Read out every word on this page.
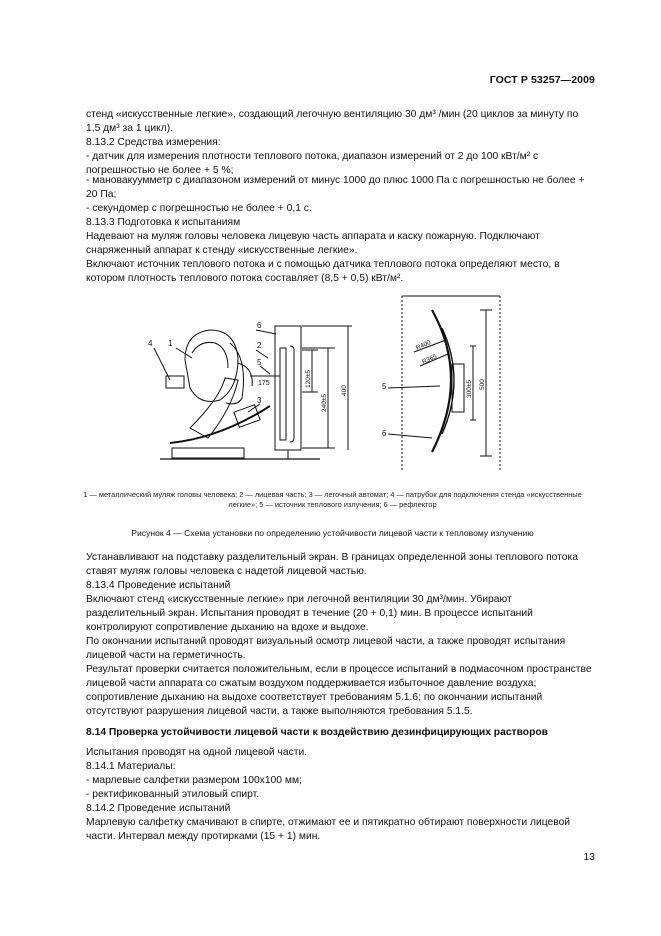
ГОСТ Р 53257—2009

стенд «искусственные легкие», создающий легочную вентиляцию 30 дм³ /мин (20 циклов за минуту по 1,5 дм³ за 1 цикл).

8.13.2 Средства измерения:

- датчик для измерения плотности теплового потока, диапазон измерений от 2 до 100 кВт/м² с погрешностью не более + 5 %;

- мановакуумметр с диапазоном измерений от минус 1000 до плюс 1000 Па с погрешностью не более + 20 Па;

- секундомер с погрешностью не более + 0,1 с.

8.13.3 Подготовка к испытаниям

Надевают на муляж головы человека лицевую часть аппарата и каску пожарную. Подключают снаряженный аппарат к стенду «искусственные легкие».

Включают источник теплового потока и с помощью датчика теплового потока определяют место, в котором плотность теплового потока составляет (8,5 + 0,5) кВт/м².

4 1
6
2
5
3
175	5
6
120±5
240±5
400	300±5 500
R400
R365
1 — металлический муляж головы человека; 2 — лицевая часть; 3 — легочный автомат; 4 — патрубок для подключения стенда «искусственные легкие»; 5 — источник теплового излучения; 6 — рефлектор
Рисунок 4 — Схема установки по определению устойчивости лицевой части к тепловому излучению

Устанавливают на подставку разделительный экран. В границах определенной зоны теплового потока ставят муляж головы человека с надетой лицевой частью.

8.13.4 Проведение испытаний

Включают стенд «искусственные легкие» при легочной вентиляции 30 дм³/мин. Убирают разделительный экран. Испытания проводят в течение (20 + 0,1) мин. В процессе испытаний контролируют сопротивление дыханию на вдохе и выдохе.

По окончании испытаний проводят визуальный осмотр лицевой части, а также проводят испытания лицевой части на герметичность.

Результат проверки считается положительным, если в процессе испытаний в подмасочном пространстве лицевой части аппарата со сжатым воздухом поддерживается избыточное давление воздуха; сопротивление дыханию на выдохе соответствует требованиям 5.1.6; по окончании испытаний отсутствуют разрушения лицевой части, а также выполняются требования 5.1.5.

8.14 Проверка устойчивости лицевой части к воздействию дезинфицирующих растворов

Испытания проводят на одной лицевой части.

8.14.1 Материалы:

- марлевые салфетки размером 100x100 мм;

- ректификованный этиловый спирт.

8.14.2 Проведение испытаний

Марлевую салфетку смачивают в спирте, отжимают ее и пятикратно обтирают поверхности лицевой части. Интервал между протирками (15 + 1) мин.

13
